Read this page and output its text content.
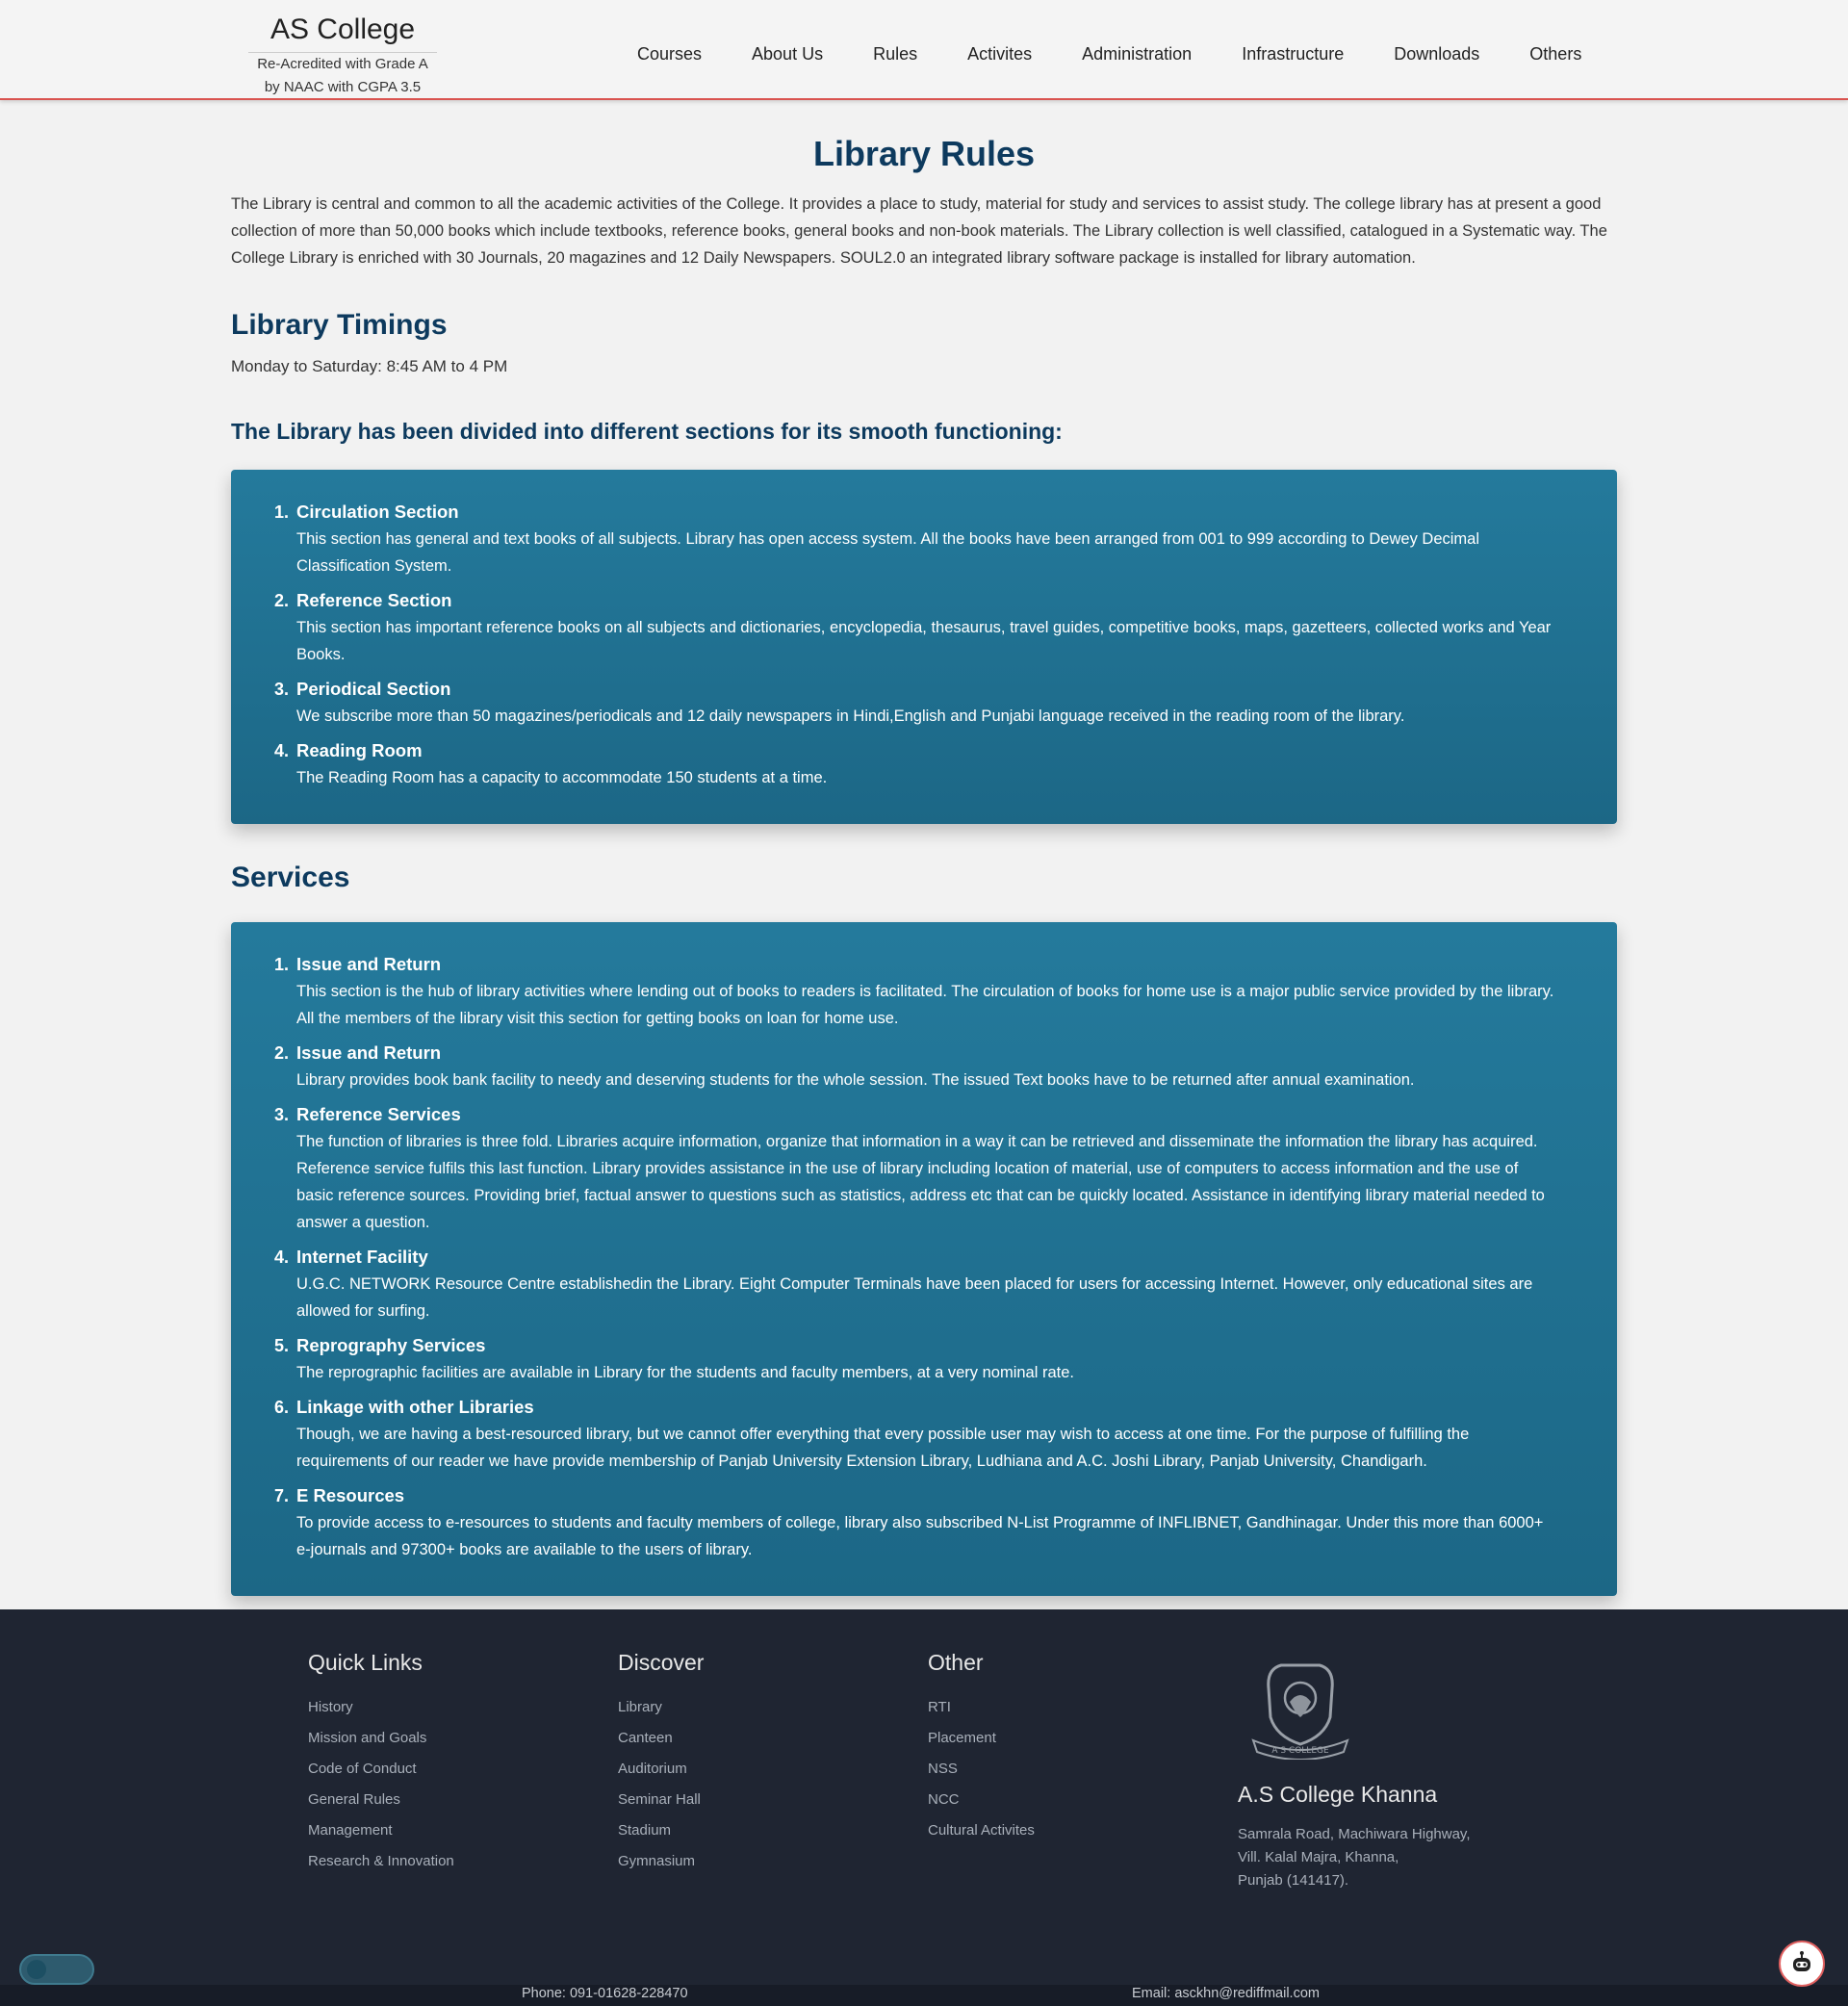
AS College
Re-Acredited with Grade A
by NAAC with CGPA 3.5
Courses	About Us	Rules	Activites	Administration	Infrastructure	Downloads	Others
Library Rules

The Library is central and common to all the academic activities of the College. It provides a place to study, material for study and services to assist study. The college library has at present a good collection of more than 50,000 books which include textbooks, reference books, general books and non-book materials. The Library collection is well classified, catalogued in a Systematic way. The College Library is enriched with 30 Journals, 20 magazines and 12 Daily Newspapers. SOUL2.0 an integrated library software package is installed for library automation.

Library Timings

Monday to Saturday: 8:45 AM to 4 PM

The Library has been divided into different sections for its smooth functioning:
1. Circulation Section
This section has general and text books of all subjects. Library has open access system. All the books have been arranged from 001 to 999 according to Dewey Decimal Classification System.
2. Reference Section
This section has important reference books on all subjects and dictionaries, encyclopedia, thesaurus, travel guides, competitive books, maps, gazetteers, collected works and Year Books.
3. Periodical Section
We subscribe more than 50 magazines/periodicals and 12 daily newspapers in Hindi,English and Punjabi language received in the reading room of the library.
4. Reading Room
The Reading Room has a capacity to accommodate 150 students at a time.
Services
1. Issue and Return
This section is the hub of library activities where lending out of books to readers is facilitated. The circulation of books for home use is a major public service provided by the library. All the members of the library visit this section for getting books on loan for home use.
2. Issue and Return
Library provides book bank facility to needy and deserving students for the whole session. The issued Text books have to be returned after annual examination.
3. Reference Services
The function of libraries is three fold. Libraries acquire information, organize that information in a way it can be retrieved and disseminate the information the library has acquired. Reference service fulfils this last function. Library provides assistance in the use of library including location of material, use of computers to access information and the use of basic reference sources. Providing brief, factual answer to questions such as statistics, address etc that can be quickly located. Assistance in identifying library material needed to answer a question.
4. Internet Facility
U.G.C. NETWORK Resource Centre establishedin the Library. Eight Computer Terminals have been placed for users for accessing Internet. However, only educational sites are allowed for surfing.
5. Reprography Services
The reprographic facilities are available in Library for the students and faculty members, at a very nominal rate.
6. Linkage with other Libraries
Though, we are having a best-resourced library, but we cannot offer everything that every possible user may wish to access at one time. For the purpose of fulfilling the requirements of our reader we have provide membership of Panjab University Extension Library, Ludhiana and A.C. Joshi Library, Panjab University, Chandigarh.
7. E Resources
To provide access to e-resources to students and faculty members of college, library also subscribed N-List Programme of INFLIBNET, Gandhinagar. Under this more than 6000+ e-journals and 97300+ books are available to the users of library.
Quick Links
History
Mission and Goals
Code of Conduct
General Rules
Management
Research & Innovation
Discover
Library
Canteen
Auditorium
Seminar Hall
Stadium
Gymnasium
Other
RTI
Placement
NSS
NCC
Cultural Activites
A S COLLEGE
A.S College Khanna
Samrala Road, Machiwara Highway,
Vill. Kalal Majra, Khanna,
Punjab (141417).
Phone: 091-01628-228470	Email: asckhn@rediffmail.com
